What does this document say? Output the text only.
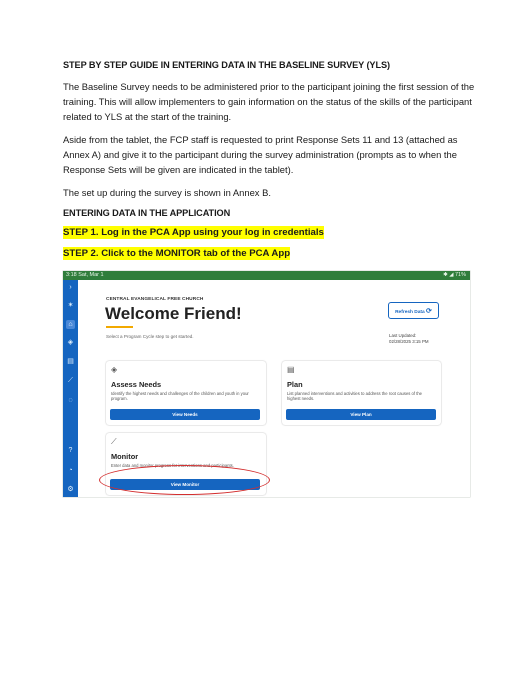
STEP BY STEP GUIDE IN ENTERING DATA IN THE BASELINE SURVEY (YLS)

The Baseline Survey needs to be administered prior to the participant joining the first session of the training. This will allow implementers to gain information on the status of the skills of the participant related to YLS at the start of the training.

Aside from the tablet, the FCP staff is requested to print Response Sets 11 and 13 (attached as Annex A) and give it to the participant during the survey administration (prompts as to when the Response Sets will be given are indicated in the tablet).

The set up during the survey is shown in Annex B.

ENTERING DATA IN THE APPLICATION

STEP 1. Log in the PCA App using your log in credentials

STEP 2. Click to the MONITOR tab of the PCA App

3:18 Sat, Mar 1	✱ ◢ 71%
›
✶
⌂
◈
▤
⟋
◌
?
◔
⚙
CENTRAL EVANGELICAL FREE CHURCH
Welcome Friend!
Select a Program Cycle step to get started.
Refresh Data ⟳
Last Updated:
02/28/2025 3:15 PM
◈
Assess Needs
Identify the highest needs and challenges of the children and youth in your program.
View Needs
▤
Plan
List planned interventions and activities to address the root causes of the highest needs.
View Plan
⟋
Monitor
Enter data and monitor progress for interventions and participants.
View Monitor
